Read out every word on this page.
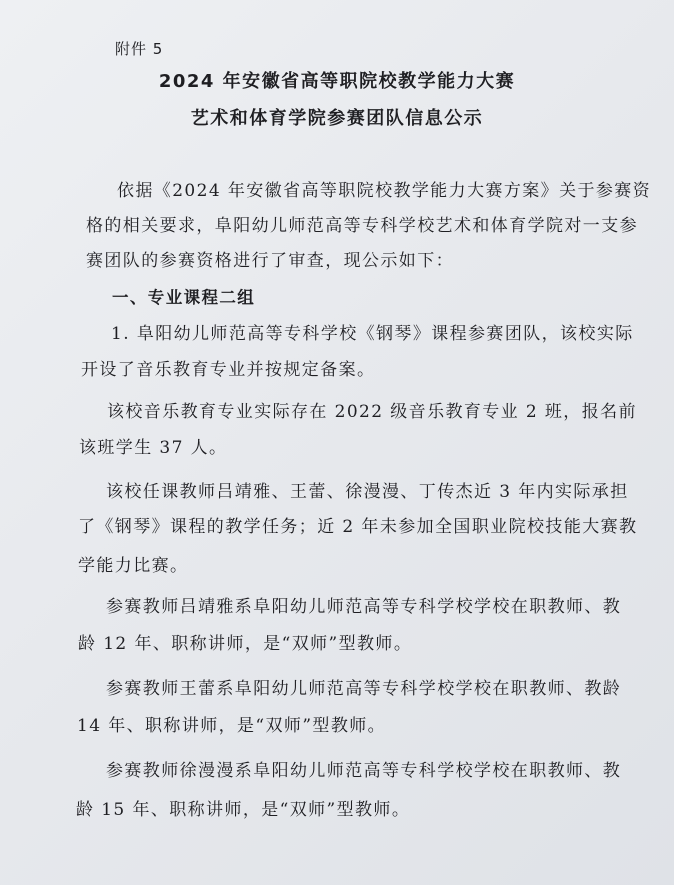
附件 5
2024 年安徽省高等职院校教学能力大赛
艺术和体育学院参赛团队信息公示
依据《2024 年安徽省高等职院校教学能力大赛方案》关于参赛资
格的相关要求，阜阳幼儿师范高等专科学校艺术和体育学院对一支参
赛团队的参赛资格进行了审查，现公示如下：
一、专业课程二组
1. 阜阳幼儿师范高等专科学校《钢琴》课程参赛团队，该校实际
开设了音乐教育专业并按规定备案。
该校音乐教育专业实际存在 2022 级音乐教育专业 2 班，报名前
该班学生 37 人。
该校任课教师吕靖雅、王蕾、徐漫漫、丁传杰近 3 年内实际承担
了《钢琴》课程的教学任务；近 2 年未参加全国职业院校技能大赛教
学能力比赛。
参赛教师吕靖雅系阜阳幼儿师范高等专科学校学校在职教师、教
龄 12 年、职称讲师，是“双师”型教师。
参赛教师王蕾系阜阳幼儿师范高等专科学校学校在职教师、教龄
14 年、职称讲师，是“双师”型教师。
参赛教师徐漫漫系阜阳幼儿师范高等专科学校学校在职教师、教
龄 15 年、职称讲师，是“双师”型教师。
